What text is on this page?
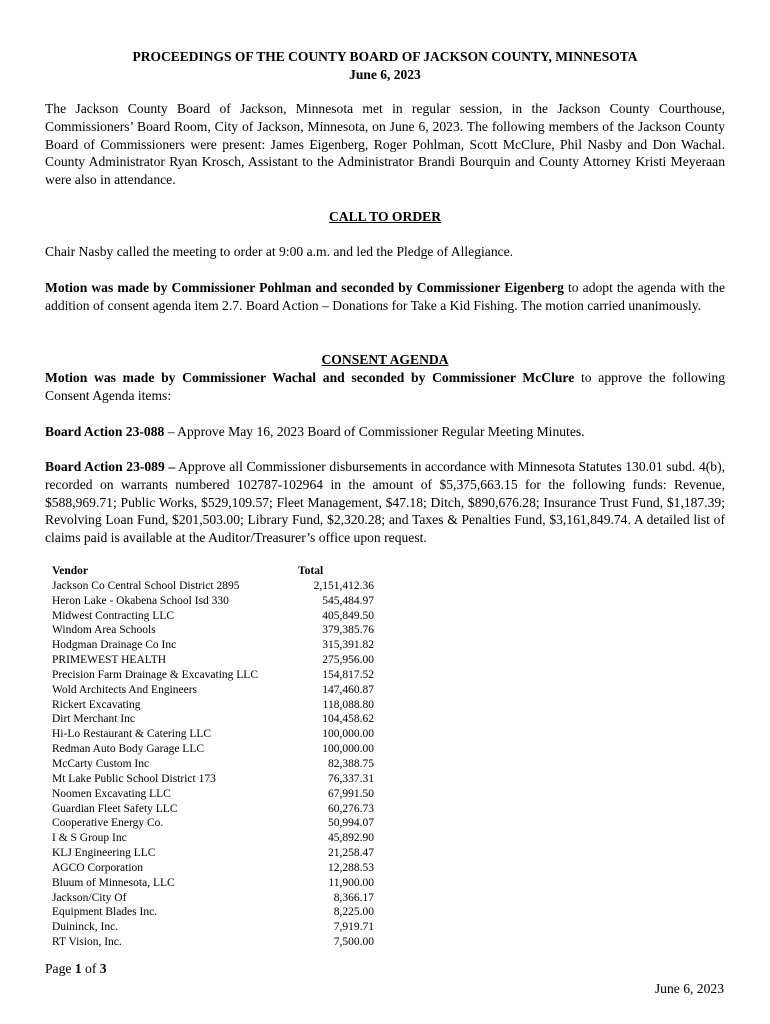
PROCEEDINGS OF THE COUNTY BOARD OF JACKSON COUNTY, MINNESOTA
June 6, 2023
The Jackson County Board of Jackson, Minnesota met in regular session, in the Jackson County Courthouse, Commissioners’ Board Room, City of Jackson, Minnesota, on June 6, 2023. The following members of the Jackson County Board of Commissioners were present: James Eigenberg, Roger Pohlman, Scott McClure, Phil Nasby and Don Wachal. County Administrator Ryan Krosch, Assistant to the Administrator Brandi Bourquin and County Attorney Kristi Meyeraan were also in attendance.
CALL TO ORDER
Chair Nasby called the meeting to order at 9:00 a.m. and led the Pledge of Allegiance.
Motion was made by Commissioner Pohlman and seconded by Commissioner Eigenberg to adopt the agenda with the addition of consent agenda item 2.7. Board Action – Donations for Take a Kid Fishing. The motion carried unanimously.
CONSENT AGENDA
Motion was made by Commissioner Wachal and seconded by Commissioner McClure to approve the following Consent Agenda items:
Board Action 23-088 – Approve May 16, 2023 Board of Commissioner Regular Meeting Minutes.
Board Action 23-089 – Approve all Commissioner disbursements in accordance with Minnesota Statutes 130.01 subd. 4(b), recorded on warrants numbered 102787-102964 in the amount of $5,375,663.15 for the following funds: Revenue, $588,969.71; Public Works, $529,109.57; Fleet Management, $47.18; Ditch, $890,676.28; Insurance Trust Fund, $1,187.39; Revolving Loan Fund, $201,503.00; Library Fund, $2,320.28; and Taxes & Penalties Fund, $3,161,849.74. A detailed list of claims paid is available at the Auditor/Treasurer’s office upon request.
Vendor	Total
Jackson Co Central School District 2895	2,151,412.36
Heron Lake - Okabena School Isd 330	545,484.97
Midwest Contracting LLC	405,849.50
Windom Area Schools	379,385.76
Hodgman Drainage Co Inc	315,391.82
PRIMEWEST HEALTH	275,956.00
Precision Farm Drainage & Excavating LLC	154,817.52
Wold Architects And Engineers	147,460.87
Rickert Excavating	118,088.80
Dirt Merchant Inc	104,458.62
Hi-Lo Restaurant & Catering LLC	100,000.00
Redman Auto Body Garage LLC	100,000.00
McCarty Custom Inc	82,388.75
Mt Lake Public School District 173	76,337.31
Noomen Excavating LLC	67,991.50
Guardian Fleet Safety LLC	60,276.73
Cooperative Energy Co.	50,994.07
I & S Group Inc	45,892.90
KLJ Engineering LLC	21,258.47
AGCO Corporation	12,288.53
Bluum of Minnesota, LLC	11,900.00
Jackson/City Of	8,366.17
Equipment Blades Inc.	8,225.00
Duininck, Inc.	7,919.71
RT Vision, Inc.	7,500.00
Page 1 of 3
June 6, 2023
